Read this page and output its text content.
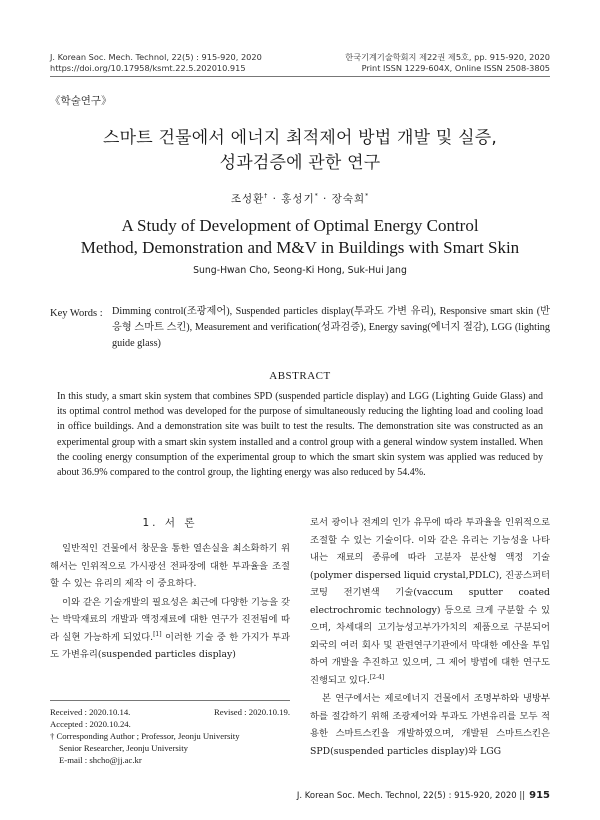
J. Korean Soc. Mech. Technol, 22(5) : 915-920, 2020
https://doi.org/10.17958/ksmt.22.5.202010.915
한국기계기술학회지 제22권 제5호, pp. 915-920, 2020
Print ISSN 1229-604X, Online ISSN 2508-3805
《학술연구》
스마트 건물에서 에너지 최적제어 방법 개발 및 실증,
성과검증에 관한 연구
조성환† · 홍성기* · 장숙희*
A Study of Development of Optimal Energy Control
Method, Demonstration and M&V in Buildings with Smart Skin
Sung-Hwan Cho, Seong-Ki Hong, Suk-Hui Jang
Key Words : Dimming control(조광제어), Suspended particles display(투과도 가변 유리), Responsive smart skin (반응형 스마트 스킨), Measurement and verification(성과검증), Energy saving(에너지 절감), LGG (lighting guide glass)
ABSTRACT
In this study, a smart skin system that combines SPD (suspended particle display) and LGG (Lighting Guide Glass) and its optimal control method was developed for the purpose of simultaneously reducing the lighting load and cooling load in office buildings. And a demonstration site was built to test the results. The demonstration site was constructed as an experimental group with a smart skin system installed and a control group with a general window system installed. When the cooling energy consumption of the experimental group to which the smart skin system was applied was reduced by about 36.9% compared to the control group, the lighting energy was also reduced by 54.4%.
1. 서 론

일반적인 건물에서 창문을 통한 열손실을 최소화하기 위해서는 인위적으로 가시광선 전파장에 대한 투과율을 조절할 수 있는 유리의 제작 이 중요하다.

이와 같은 기술개발의 필요성은 최근에 다양한 기능을 갖는 박막재료의 개발과 액정재료에 대한 연구가 진전됨에 따라 실현 가능하게 되었다.[1] 이러한 기술 중 한 가지가 투과도 가변유리(suspended particles display)

로서 광이나 전계의 인가 유무에 따라 투과율을 인위적으로 조절할 수 있는 기술이다. 이와 같은 유리는 기능성을 나타내는 재료의 종류에 따라 고분자 분산형 액정 기술(polymer dispersed liquid crystal,PDLC), 진공스퍼터 코팅 전기변색 기술(vaccum sputter coated electrochromic technology) 등으로 크게 구분할 수 있으며, 차세대의 고기능성고부가가치의 제품으로 구분되어 외국의 여러 회사 및 관련연구기관에서 막대한 예산을 투입하여 개발을 추진하고 있으며, 그 제어 방법에 대한 연구도 진행되고 있다.[2-4]

본 연구에서는 제로에너지 건물에서 조명부하와 냉방부하를 절감하기 위해 조광제어와 투과도 가변유리를 모두 적용한 스마트스킨을 개발하였으며, 개발된 스마트스킨은 SPD(suspended particles display)와 LGG

Received : 2020.10.14.	Revised : 2020.10.19.
Accepted : 2020.10.24.
† Corresponding Author ; Professor, Jeonju University
Senior Researcher, Jeonju University
E-mail : shcho@jj.ac.kr
J. Korean Soc. Mech. Technol, 22(5) : 915-920, 2020 || 915
